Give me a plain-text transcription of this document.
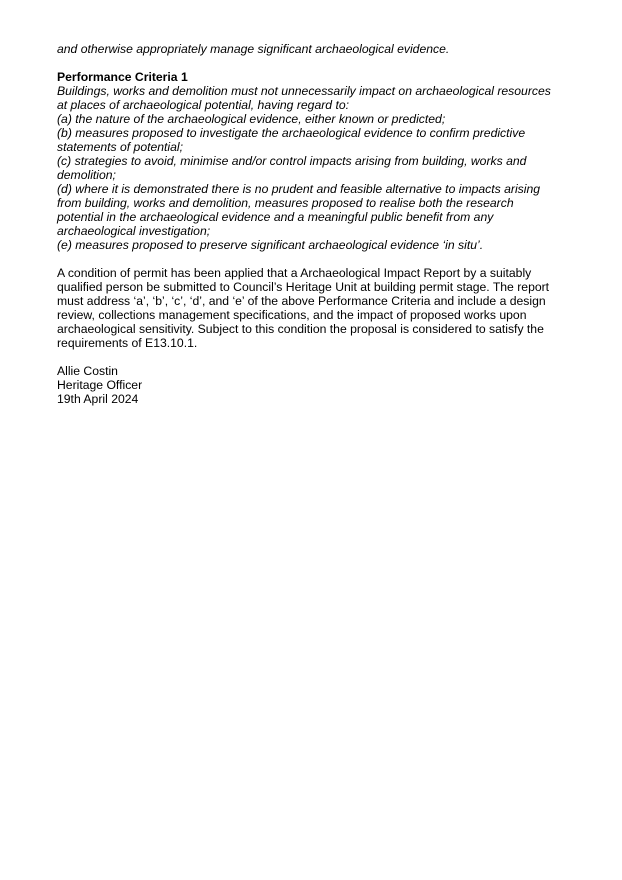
and otherwise appropriately manage significant archaeological evidence.

Performance Criteria 1
Buildings, works and demolition must not unnecessarily impact on archaeological resources
at places of archaeological potential, having regard to:
(a) the nature of the archaeological evidence, either known or predicted;
(b) measures proposed to investigate the archaeological evidence to confirm predictive
statements of potential;
(c) strategies to avoid, minimise and/or control impacts arising from building, works and
demolition;
(d) where it is demonstrated there is no prudent and feasible alternative to impacts arising
from building, works and demolition, measures proposed to realise both the research
potential in the archaeological evidence and a meaningful public benefit from any
archaeological investigation;
(e) measures proposed to preserve significant archaeological evidence ‘in situ’.
A condition of permit has been applied that a Archaeological Impact Report by a suitably
qualified person be submitted to Council’s Heritage Unit at building permit stage. The report
must address ‘a’, ‘b’, ‘c’, ‘d’, and ‘e’ of the above Performance Criteria and include a design
review, collections management specifications, and the impact of proposed works upon
archaeological sensitivity. Subject to this condition the proposal is considered to satisfy the
requirements of E13.10.1.
Allie Costin
Heritage Officer
19th April 2024
